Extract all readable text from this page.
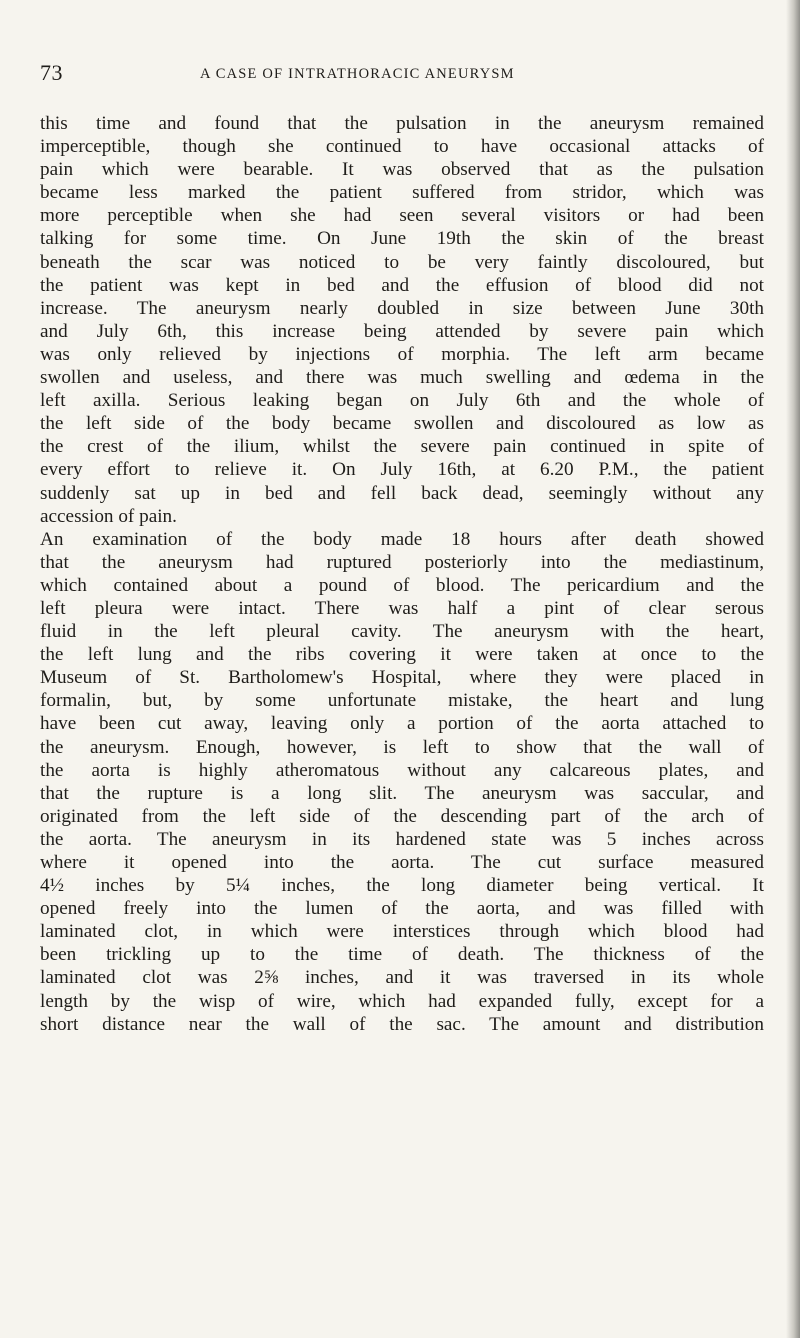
73	A CASE OF INTRATHORACIC ANEURYSM
this time and found that the pulsation in the aneurysm remained
imperceptible, though she continued to have occasional attacks of
pain which were bearable. It was observed that as the pulsation
became less marked the patient suffered from stridor, which was
more perceptible when she had seen several visitors or had been
talking for some time. On June 19th the skin of the breast
beneath the scar was noticed to be very faintly discoloured, but
the patient was kept in bed and the effusion of blood did not
increase. The aneurysm nearly doubled in size between June 30th
and July 6th, this increase being attended by severe pain which
was only relieved by injections of morphia. The left arm became
swollen and useless, and there was much swelling and œdema in the
left axilla. Serious leaking began on July 6th and the whole of
the left side of the body became swollen and discoloured as low as
the crest of the ilium, whilst the severe pain continued in spite of
every effort to relieve it. On July 16th, at 6.20 P.M., the patient
suddenly sat up in bed and fell back dead, seemingly without any
accession of pain.
An examination of the body made 18 hours after death showed
that the aneurysm had ruptured posteriorly into the mediastinum,
which contained about a pound of blood. The pericardium and the
left pleura were intact. There was half a pint of clear serous
fluid in the left pleural cavity. The aneurysm with the heart,
the left lung and the ribs covering it were taken at once to the
Museum of St. Bartholomew's Hospital, where they were placed in
formalin, but, by some unfortunate mistake, the heart and lung
have been cut away, leaving only a portion of the aorta attached to
the aneurysm. Enough, however, is left to show that the wall of
the aorta is highly atheromatous without any calcareous plates, and
that the rupture is a long slit. The aneurysm was saccular, and
originated from the left side of the descending part of the arch of
the aorta. The aneurysm in its hardened state was 5 inches across
where it opened into the aorta. The cut surface measured
4½ inches by 5¼ inches, the long diameter being vertical. It
opened freely into the lumen of the aorta, and was filled with
laminated clot, in which were interstices through which blood had
been trickling up to the time of death. The thickness of the
laminated clot was 2⅝ inches, and it was traversed in its whole
length by the wisp of wire, which had expanded fully, except for a
short distance near the wall of the sac. The amount and distribution
